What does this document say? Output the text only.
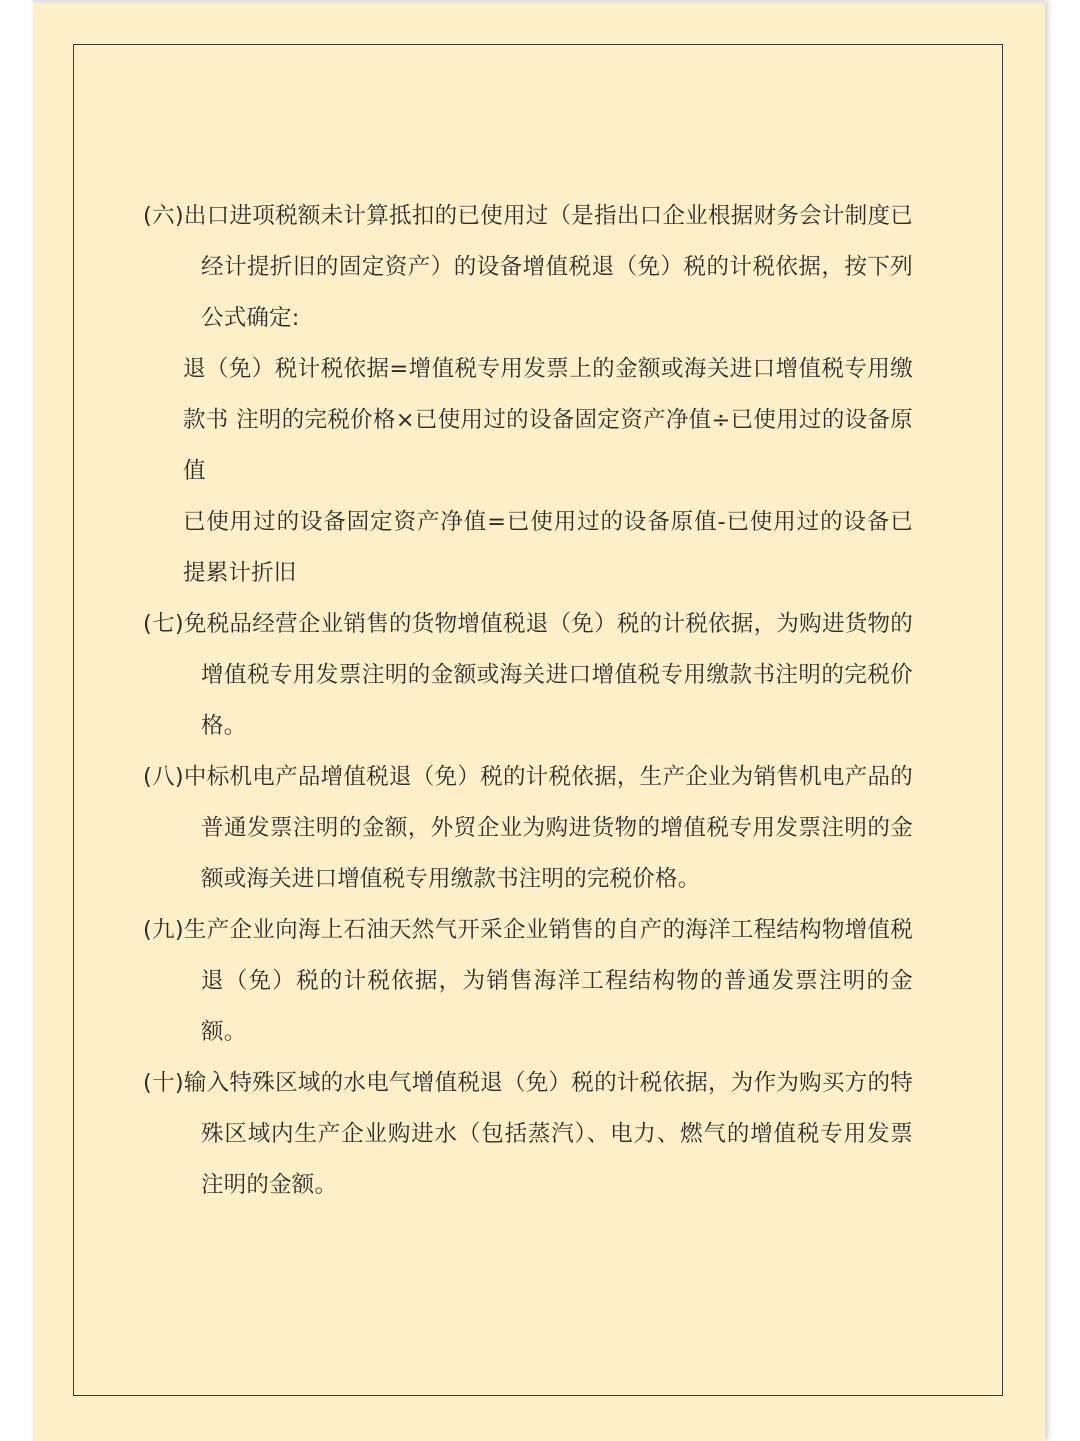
(六)出口进项税额未计算抵扣的已使用过（是指出口企业根据财务会计制度已经计提折旧的固定资产）的设备增值税退（免）税的计税依据，按下列公式确定:

退（免）税计税依据=增值税专用发票上的金额或海关进口增值税专用缴款书 注明的完税价格×已使用过的设备固定资产净值÷已使用过的设备原值

已使用过的设备固定资产净值=已使用过的设备原值-已使用过的设备已提累计折旧

(七)免税品经营企业销售的货物增值税退（免）税的计税依据，为购进货物的增值税专用发票注明的金额或海关进口增值税专用缴款书注明的完税价格。

(八)中标机电产品增值税退（免）税的计税依据，生产企业为销售机电产品的普通发票注明的金额，外贸企业为购进货物的增值税专用发票注明的金额或海关进口增值税专用缴款书注明的完税价格。

(九)生产企业向海上石油天然气开采企业销售的自产的海洋工程结构物增值税退（免）税的计税依据，为销售海洋工程结构物的普通发票注明的金额。

(十)输入特殊区域的水电气增值税退（免）税的计税依据，为作为购买方的特殊区域内生产企业购进水（包括蒸汽）、电力、燃气的增值税专用发票注明的金额。
